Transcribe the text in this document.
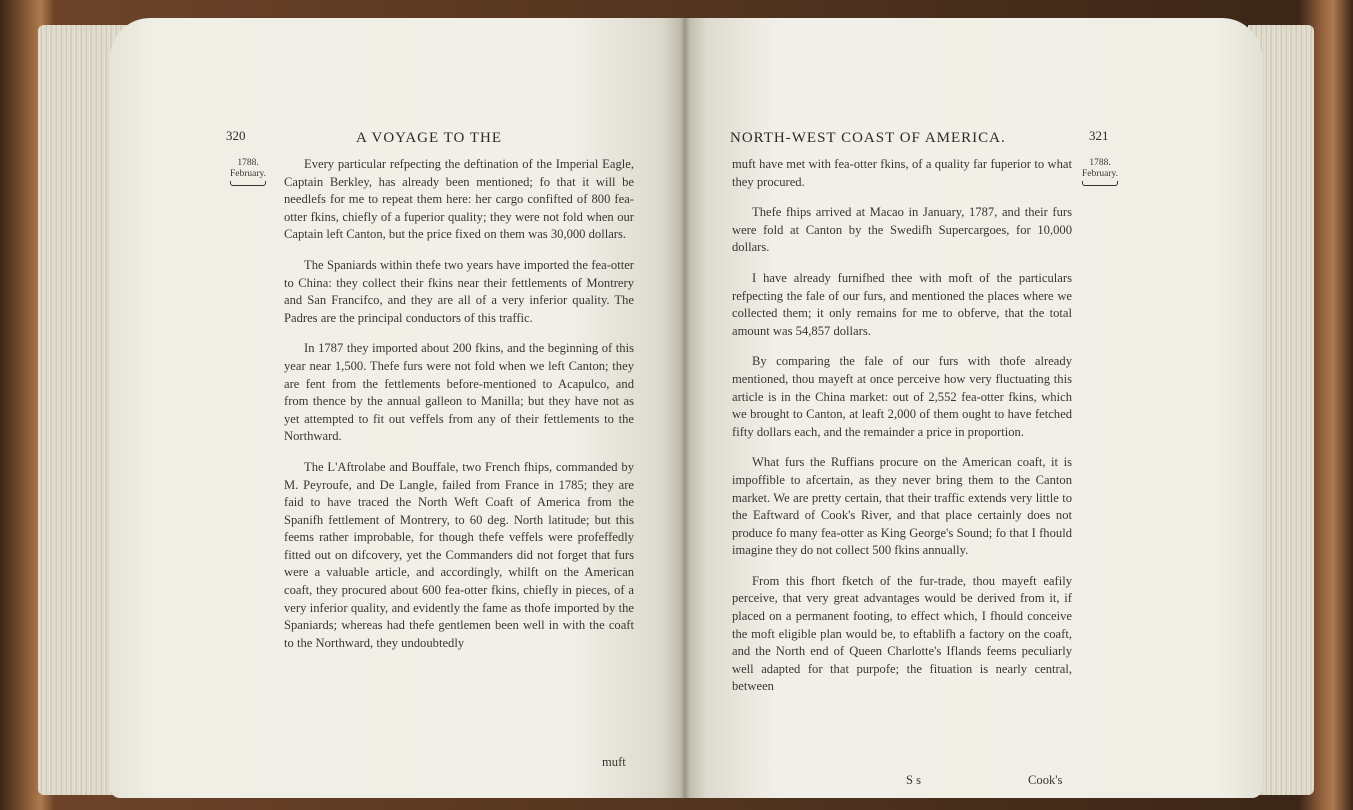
320	A VOYAGE TO THE
1788.
February.

Every particular refpecting the deftination of the Imperial Eagle, Captain Berkley, has already been mentioned; fo that it will be needlefs for me to repeat them here: her cargo confifted of 800 fea-otter fkins, chiefly of a fuperior quality; they were not fold when our Captain left Canton, but the price fixed on them was 30,000 dollars.

The Spaniards within thefe two years have imported the fea-otter to China: they collect their fkins near their fettlements of Montrery and San Francifco, and they are all of a very inferior quality. The Padres are the principal conductors of this traffic.

In 1787 they imported about 200 fkins, and the beginning of this year near 1,500. Thefe furs were not fold when we left Canton; they are fent from the fettlements before-mentioned to Acapulco, and from thence by the annual galleon to Manilla; but they have not as yet attempted to fit out veffels from any of their fettlements to the Northward.

The L'Aftrolabe and Bouffale, two French fhips, commanded by M. Peyroufe, and De Langle, failed from France in 1785; they are faid to have traced the North Weft Coaft of America from the Spanifh fettlement of Montrery, to 60 deg. North latitude; but this feems rather improbable, for though thefe veffels were profeffedly fitted out on difcovery, yet the Commanders did not forget that furs were a valuable article, and accordingly, whilft on the American coaft, they procured about 600 fea-otter fkins, chiefly in pieces, of a very inferior quality, and evidently the fame as thofe imported by the Spaniards; whereas had thefe gentlemen been well in with the coaft to the Northward, they undoubtedly

muft
NORTH-WEST COAST OF AMERICA.	321
1788.
February.

muft have met with fea-otter fkins, of a quality far fuperior to what they procured.

Thefe fhips arrived at Macao in January, 1787, and their furs were fold at Canton by the Swedifh Supercargoes, for 10,000 dollars.

I have already furnifhed thee with moft of the particulars refpecting the fale of our furs, and mentioned the places where we collected them; it only remains for me to obferve, that the total amount was 54,857 dollars.

By comparing the fale of our furs with thofe already mentioned, thou mayeft at once perceive how very fluctuating this article is in the China market: out of 2,552 fea-otter fkins, which we brought to Canton, at leaft 2,000 of them ought to have fetched fifty dollars each, and the remainder a price in proportion.

What furs the Ruffians procure on the American coaft, it is impoffible to afcertain, as they never bring them to the Canton market. We are pretty certain, that their traffic extends very little to the Eaftward of Cook's River, and that place certainly does not produce fo many fea-otter as King George's Sound; fo that I fhould imagine they do not collect 500 fkins annually.

From this fhort fketch of the fur-trade, thou mayeft eafily perceive, that very great advantages would be derived from it, if placed on a permanent footing, to effect which, I fhould conceive the moft eligible plan would be, to eftablifh a factory on the coaft, and the North end of Queen Charlotte's Iflands feems peculiarly well adapted for that purpofe; the fituation is nearly central, between

S s	Cook's
